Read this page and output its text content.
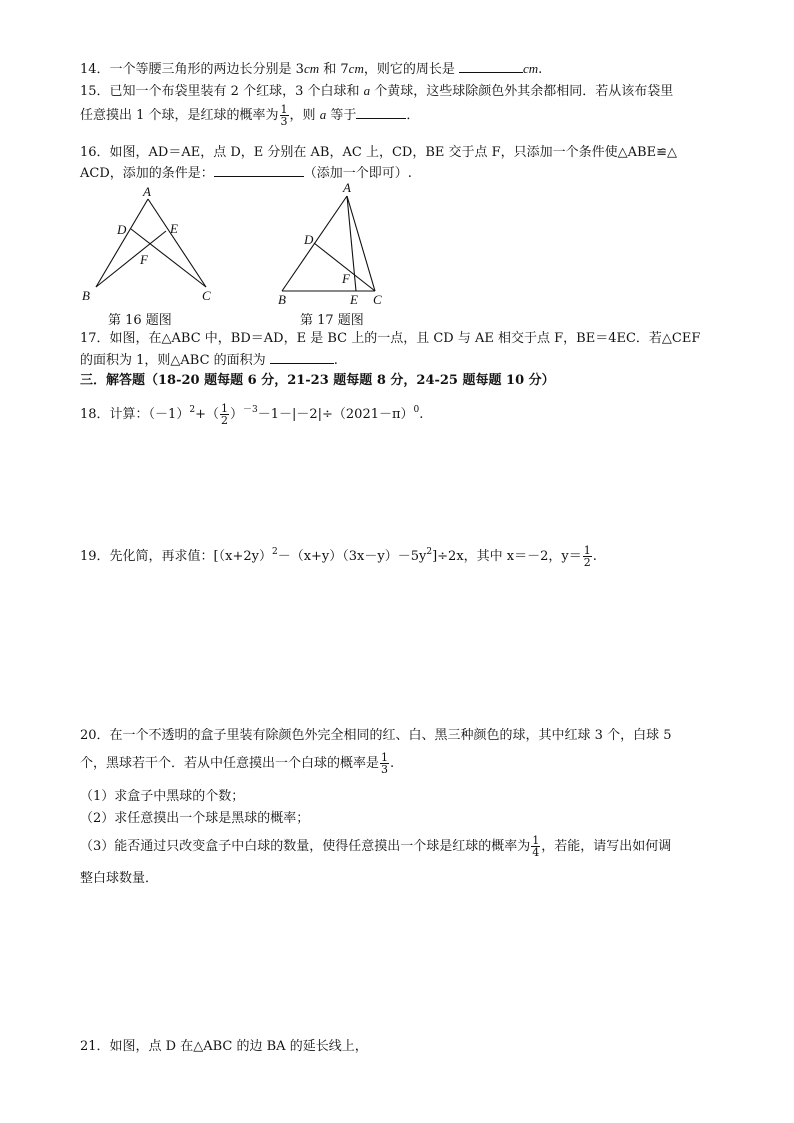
14．一个等腰三角形的两边长分别是 3cm 和 7cm，则它的周长是	cm.
15．已知一个布袋里装有 2 个红球，3 个白球和 a 个黄球，这些球除颜色外其余都相同．若从该布袋里
任意摸出 1 个球，是红球的概率为 $\frac{1}{3}$ ，则 a 等于	．
16．如图，AD＝AE，点 D，E 分别在 AB，AC 上，CD，BE 交于点 F，只添加一个条件使△ABE≌△
ACD，添加的条件是：	（添加一个即可）.
A
B	C
D	E
F
第 16 题图
A
B	C
D
E
F
第 17 题图
17．如图，在△ABC 中，BD＝AD，E 是 BC 上的一点，且 CD 与 AE 相交于点 F，BE＝4EC．若△CEF
的面积为 1，则△ABC 的面积为	.
三．解答题（18-20 题每题 6 分，21-23 题每题 8 分，24-25 题每题 10 分）
18．计算：$(-1)^2+( \frac{1}{2} )^{-3}-1-|-2|\div(2021-\pi)^0$.
19．先化简，再求值：$[(x+2y)^2-(x+y)(3x-y)-5y^2]\div 2x$，其中 x＝－2，$y= \frac{1}{2}$ .
20．在一个不透明的盒子里装有除颜色外完全相同的红、白、黑三种颜色的球，其中红球 3 个，白球 5
个，黑球若干个．若从中任意摸出一个白球的概率是 $\frac{1}{3}$ .
（1）求盒子中黑球的个数；
（2）求任意摸出一个球是黑球的概率；
（3）能否通过只改变盒子中白球的数量，使得任意摸出一个球是红球的概率为 $\frac{1}{4}$ ，若能，请写出如何调
整白球数量．
21．如图，点 D 在△ABC 的边 BA 的延长线上，
